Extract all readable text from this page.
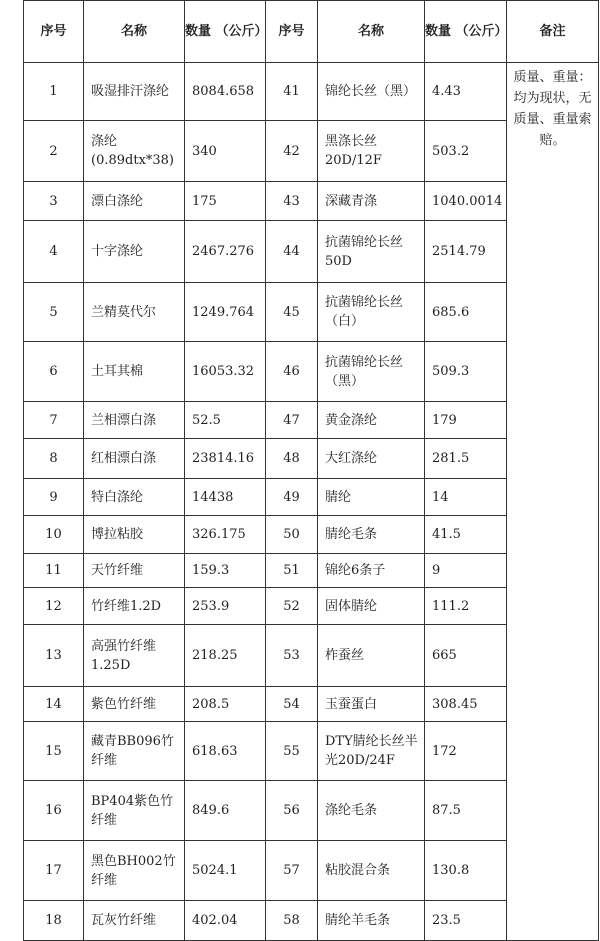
序号	名称	数量 （公斤）	序号	名称	数量 （公斤）	备注
1	吸湿排汗涤纶	8084.658	41	锦纶长丝（黑）	4.43	质量、重量：均为现状，无质量、重量索赔。
2	涤纶 (0.89dtx*38)	340	42	黑涤长丝 20D/12F	503.2	
3	漂白涤纶	175	43	深藏青涤	1040.0014	
4	十字涤纶	2467.276	44	抗菌锦纶长丝 50D	2514.79	
5	兰精莫代尔	1249.764	45	抗菌锦纶长丝（白）	685.6	
6	土耳其棉	16053.32	46	抗菌锦纶长丝（黑）	509.3	
7	兰相漂白涤	52.5	47	黄金涤纶	179	
8	红相漂白涤	23814.16	48	大红涤纶	281.5	
9	特白涤纶	14438	49	腈纶	14	
10	博拉粘胶	326.175	50	腈纶毛条	41.5	
11	天竹纤维	159.3	51	锦纶6条子	9	
12	竹纤维1.2D	253.9	52	固体腈纶	111.2	
13	高强竹纤维 1.25D	218.25	53	柞蚕丝	665	
14	紫色竹纤维	208.5	54	玉蚕蛋白	308.45	
15	藏青BB096竹纤维	618.63	55	DTY腈纶长丝半光20D/24F	172	
16	BP404紫色竹纤维	849.6	56	涤纶毛条	87.5	
17	黑色BH002竹纤维	5024.1	57	粘胶混合条	130.8	
18	瓦灰竹纤维	402.04	58	腈纶羊毛条	23.5	
